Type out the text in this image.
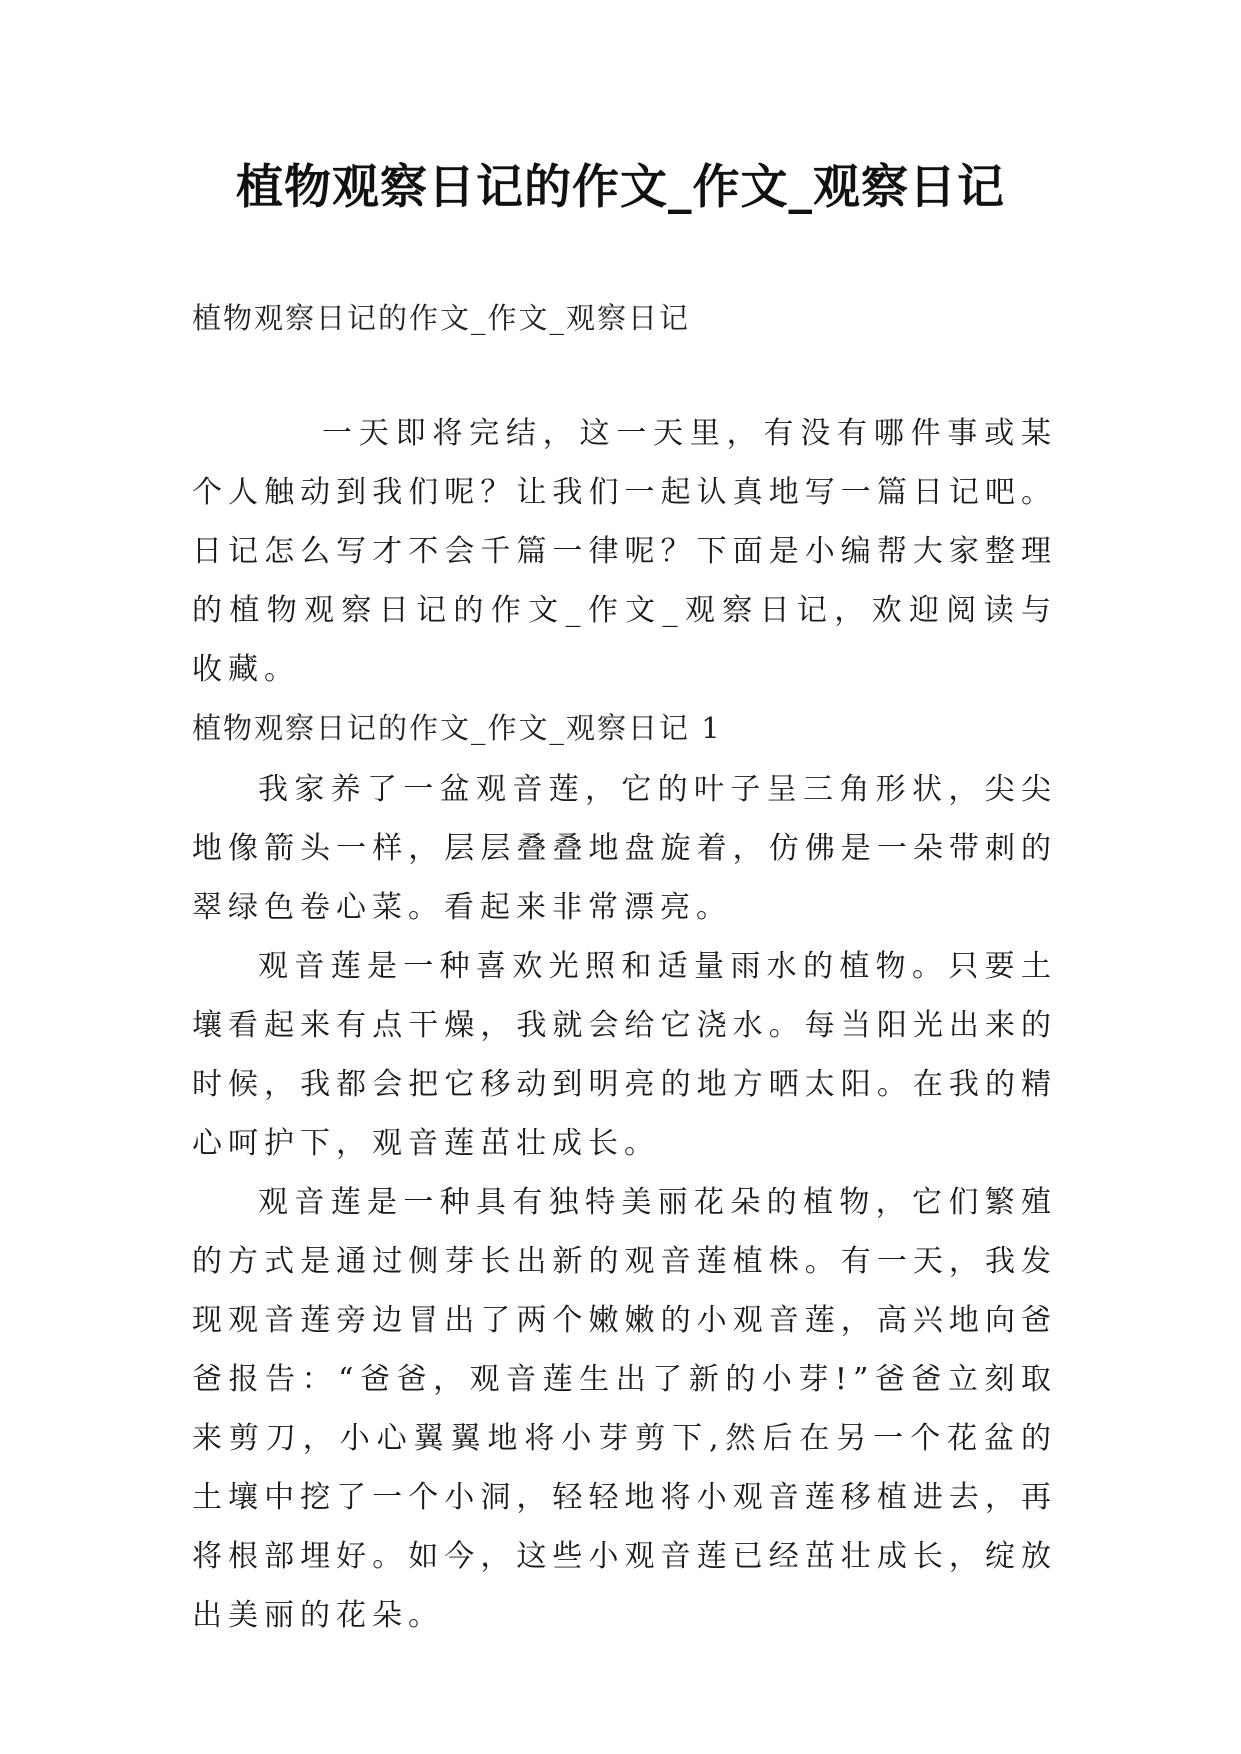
植物观察日记的作文_作文_观察日记
植物观察日记的作文_作文_观察日记

一天即将完结，这一天里，有没有哪件事或某个人触动到我们呢？让我们一起认真地写一篇日记吧。日记怎么写才不会千篇一律呢？下面是小编帮大家整理的植物观察日记的作文_作文_观察日记，欢迎阅读与收藏。

植物观察日记的作文_作文_观察日记 1

我家养了一盆观音莲，它的叶子呈三角形状，尖尖地像箭头一样，层层叠叠地盘旋着，仿佛是一朵带刺的翠绿色卷心菜。看起来非常漂亮。

观音莲是一种喜欢光照和适量雨水的植物。只要土壤看起来有点干燥，我就会给它浇水。每当阳光出来的时候，我都会把它移动到明亮的地方晒太阳。在我的精心呵护下，观音莲茁壮成长。

观音莲是一种具有独特美丽花朵的植物，它们繁殖的方式是通过侧芽长出新的观音莲植株。有一天，我发现观音莲旁边冒出了两个嫩嫩的小观音莲，高兴地向爸爸报告：“爸爸，观音莲生出了新的小芽!”爸爸立刻取来剪刀，小心翼翼地将小芽剪下,然后在另一个花盆的土壤中挖了一个小洞，轻轻地将小观音莲移植进去，再将根部埋好。如今，这些小观音莲已经茁壮成长，绽放出美丽的花朵。
